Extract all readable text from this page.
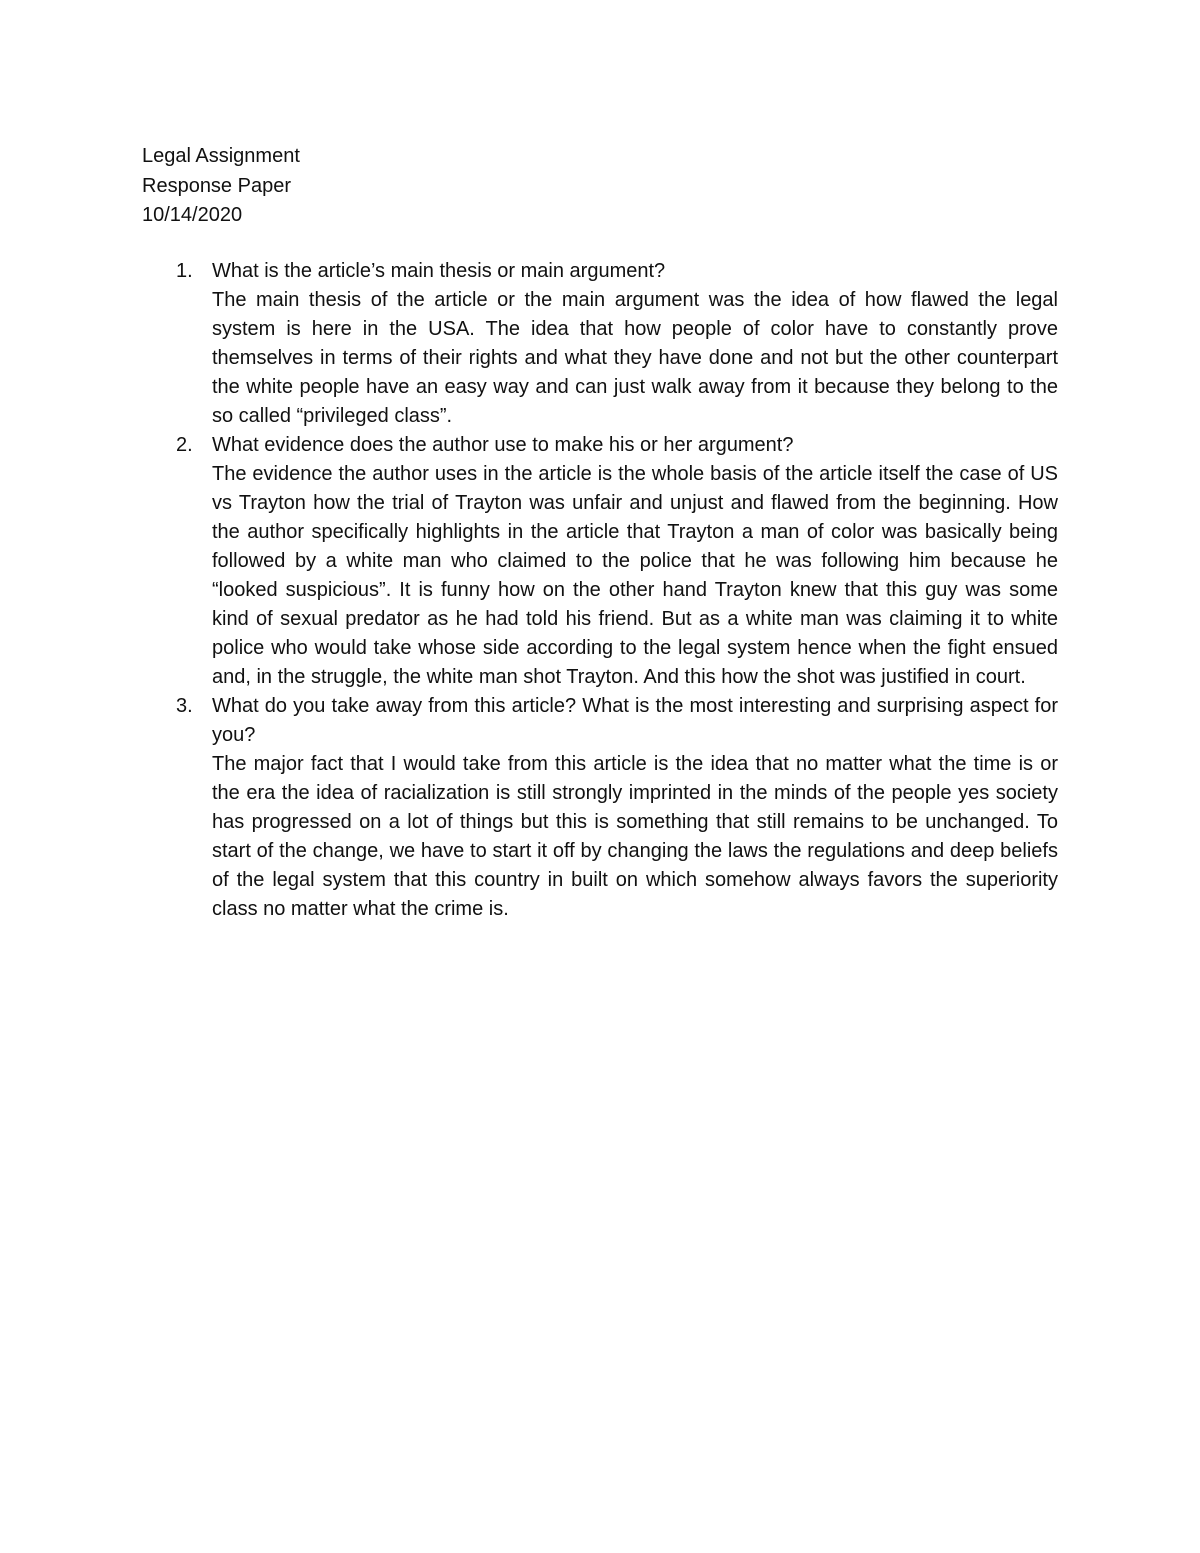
Legal Assignment
Response Paper
10/14/2020
1. What is the article’s main thesis or main argument?
The main thesis of the article or the main argument was the idea of how flawed the legal system is here in the USA. The idea that how people of color have to constantly prove themselves in terms of their rights and what they have done and not but the other counterpart the white people have an easy way and can just walk away from it because they belong to the so called “privileged class”.
2. What evidence does the author use to make his or her argument?
The evidence the author uses in the article is the whole basis of the article itself the case of US vs Trayton how the trial of Trayton was unfair and unjust and flawed from the beginning. How the author specifically highlights in the article that Trayton a man of color was basically being followed by a white man who claimed to the police that he was following him because he “looked suspicious”. It is funny how on the other hand Trayton knew that this guy was some kind of sexual predator as he had told his friend. But as a white man was claiming it to white police who would take whose side according to the legal system hence when the fight ensued and, in the struggle, the white man shot Trayton. And this how the shot was justified in court.
3. What do you take away from this article? What is the most interesting and surprising aspect for you?
The major fact that I would take from this article is the idea that no matter what the time is or the era the idea of racialization is still strongly imprinted in the minds of the people yes society has progressed on a lot of things but this is something that still remains to be unchanged. To start of the change, we have to start it off by changing the laws the regulations and deep beliefs of the legal system that this country in built on which somehow always favors the superiority class no matter what the crime is.
